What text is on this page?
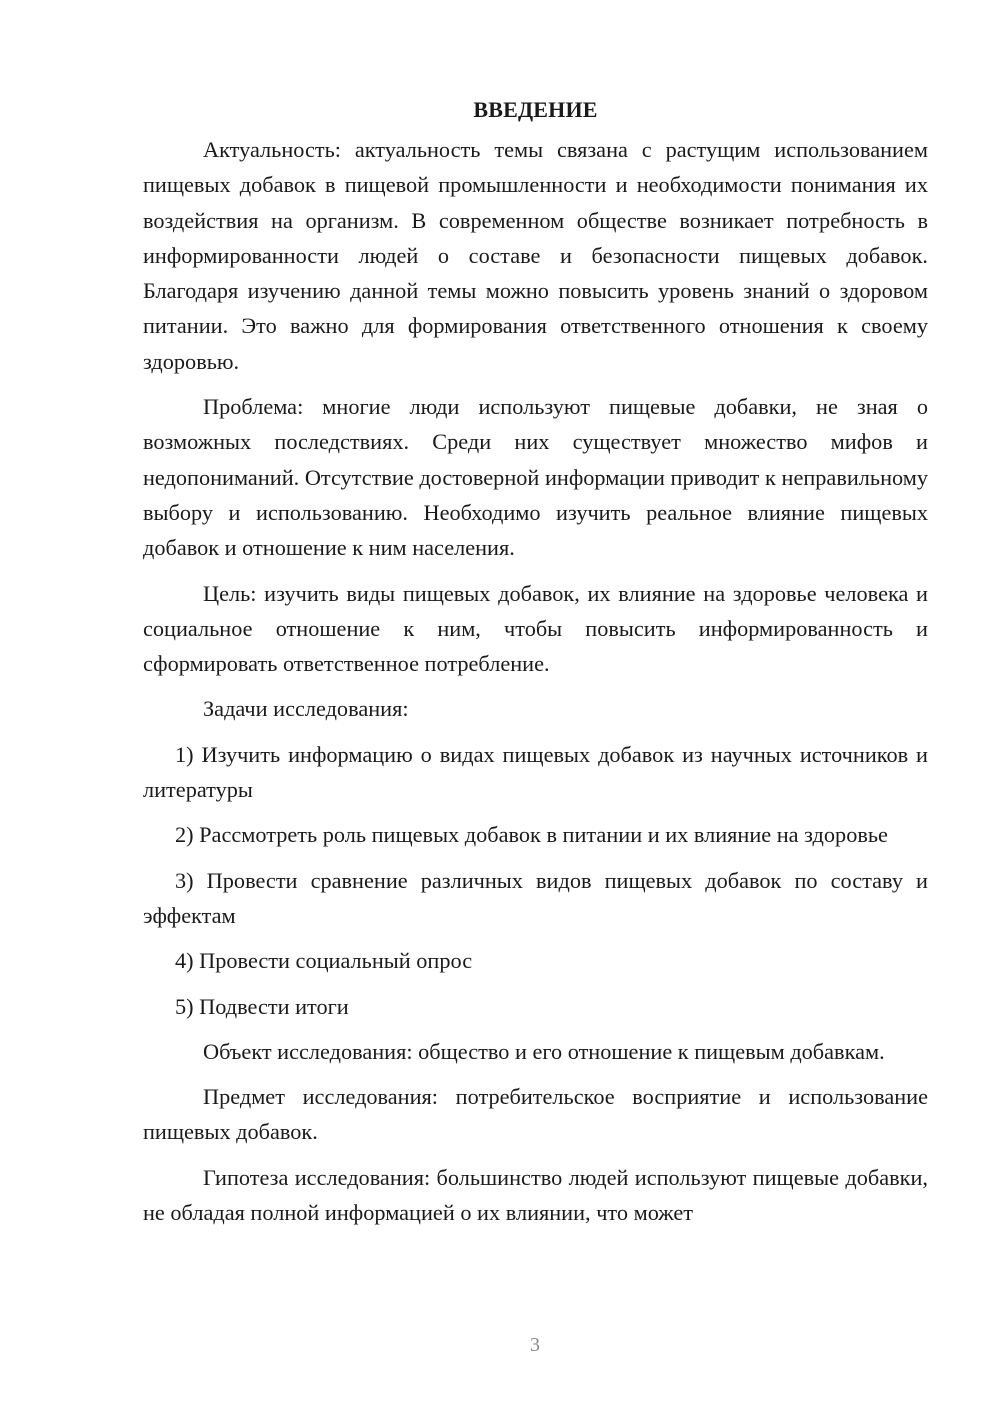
ВВЕДЕНИЕ

Актуальность: актуальность темы связана с растущим использованием пищевых добавок в пищевой промышленности и необходимости понимания их воздействия на организм. В современном обществе возникает потребность в информированности людей о составе и безопасности пищевых добавок. Благодаря изучению данной темы можно повысить уровень знаний о здоровом питании. Это важно для формирования ответственного отношения к своему здоровью.

Проблема: многие люди используют пищевые добавки, не зная о возможных последствиях. Среди них существует множество мифов и недопониманий. Отсутствие достоверной информации приводит к неправильному выбору и использованию. Необходимо изучить реальное влияние пищевых добавок и отношение к ним населения.

Цель: изучить виды пищевых добавок, их влияние на здоровье человека и социальное отношение к ним, чтобы повысить информированность и сформировать ответственное потребление.

Задачи исследования:

1) Изучить информацию о видах пищевых добавок из научных источников и литературы

2) Рассмотреть роль пищевых добавок в питании и их влияние на здоровье

3) Провести сравнение различных видов пищевых добавок по составу и эффектам

4) Провести социальный опрос

5) Подвести итоги

Объект исследования: общество и его отношение к пищевым добавкам.

Предмет исследования: потребительское восприятие и использование пищевых добавок.

Гипотеза исследования: большинство людей используют пищевые добавки, не обладая полной информацией о их влиянии, что может

3
